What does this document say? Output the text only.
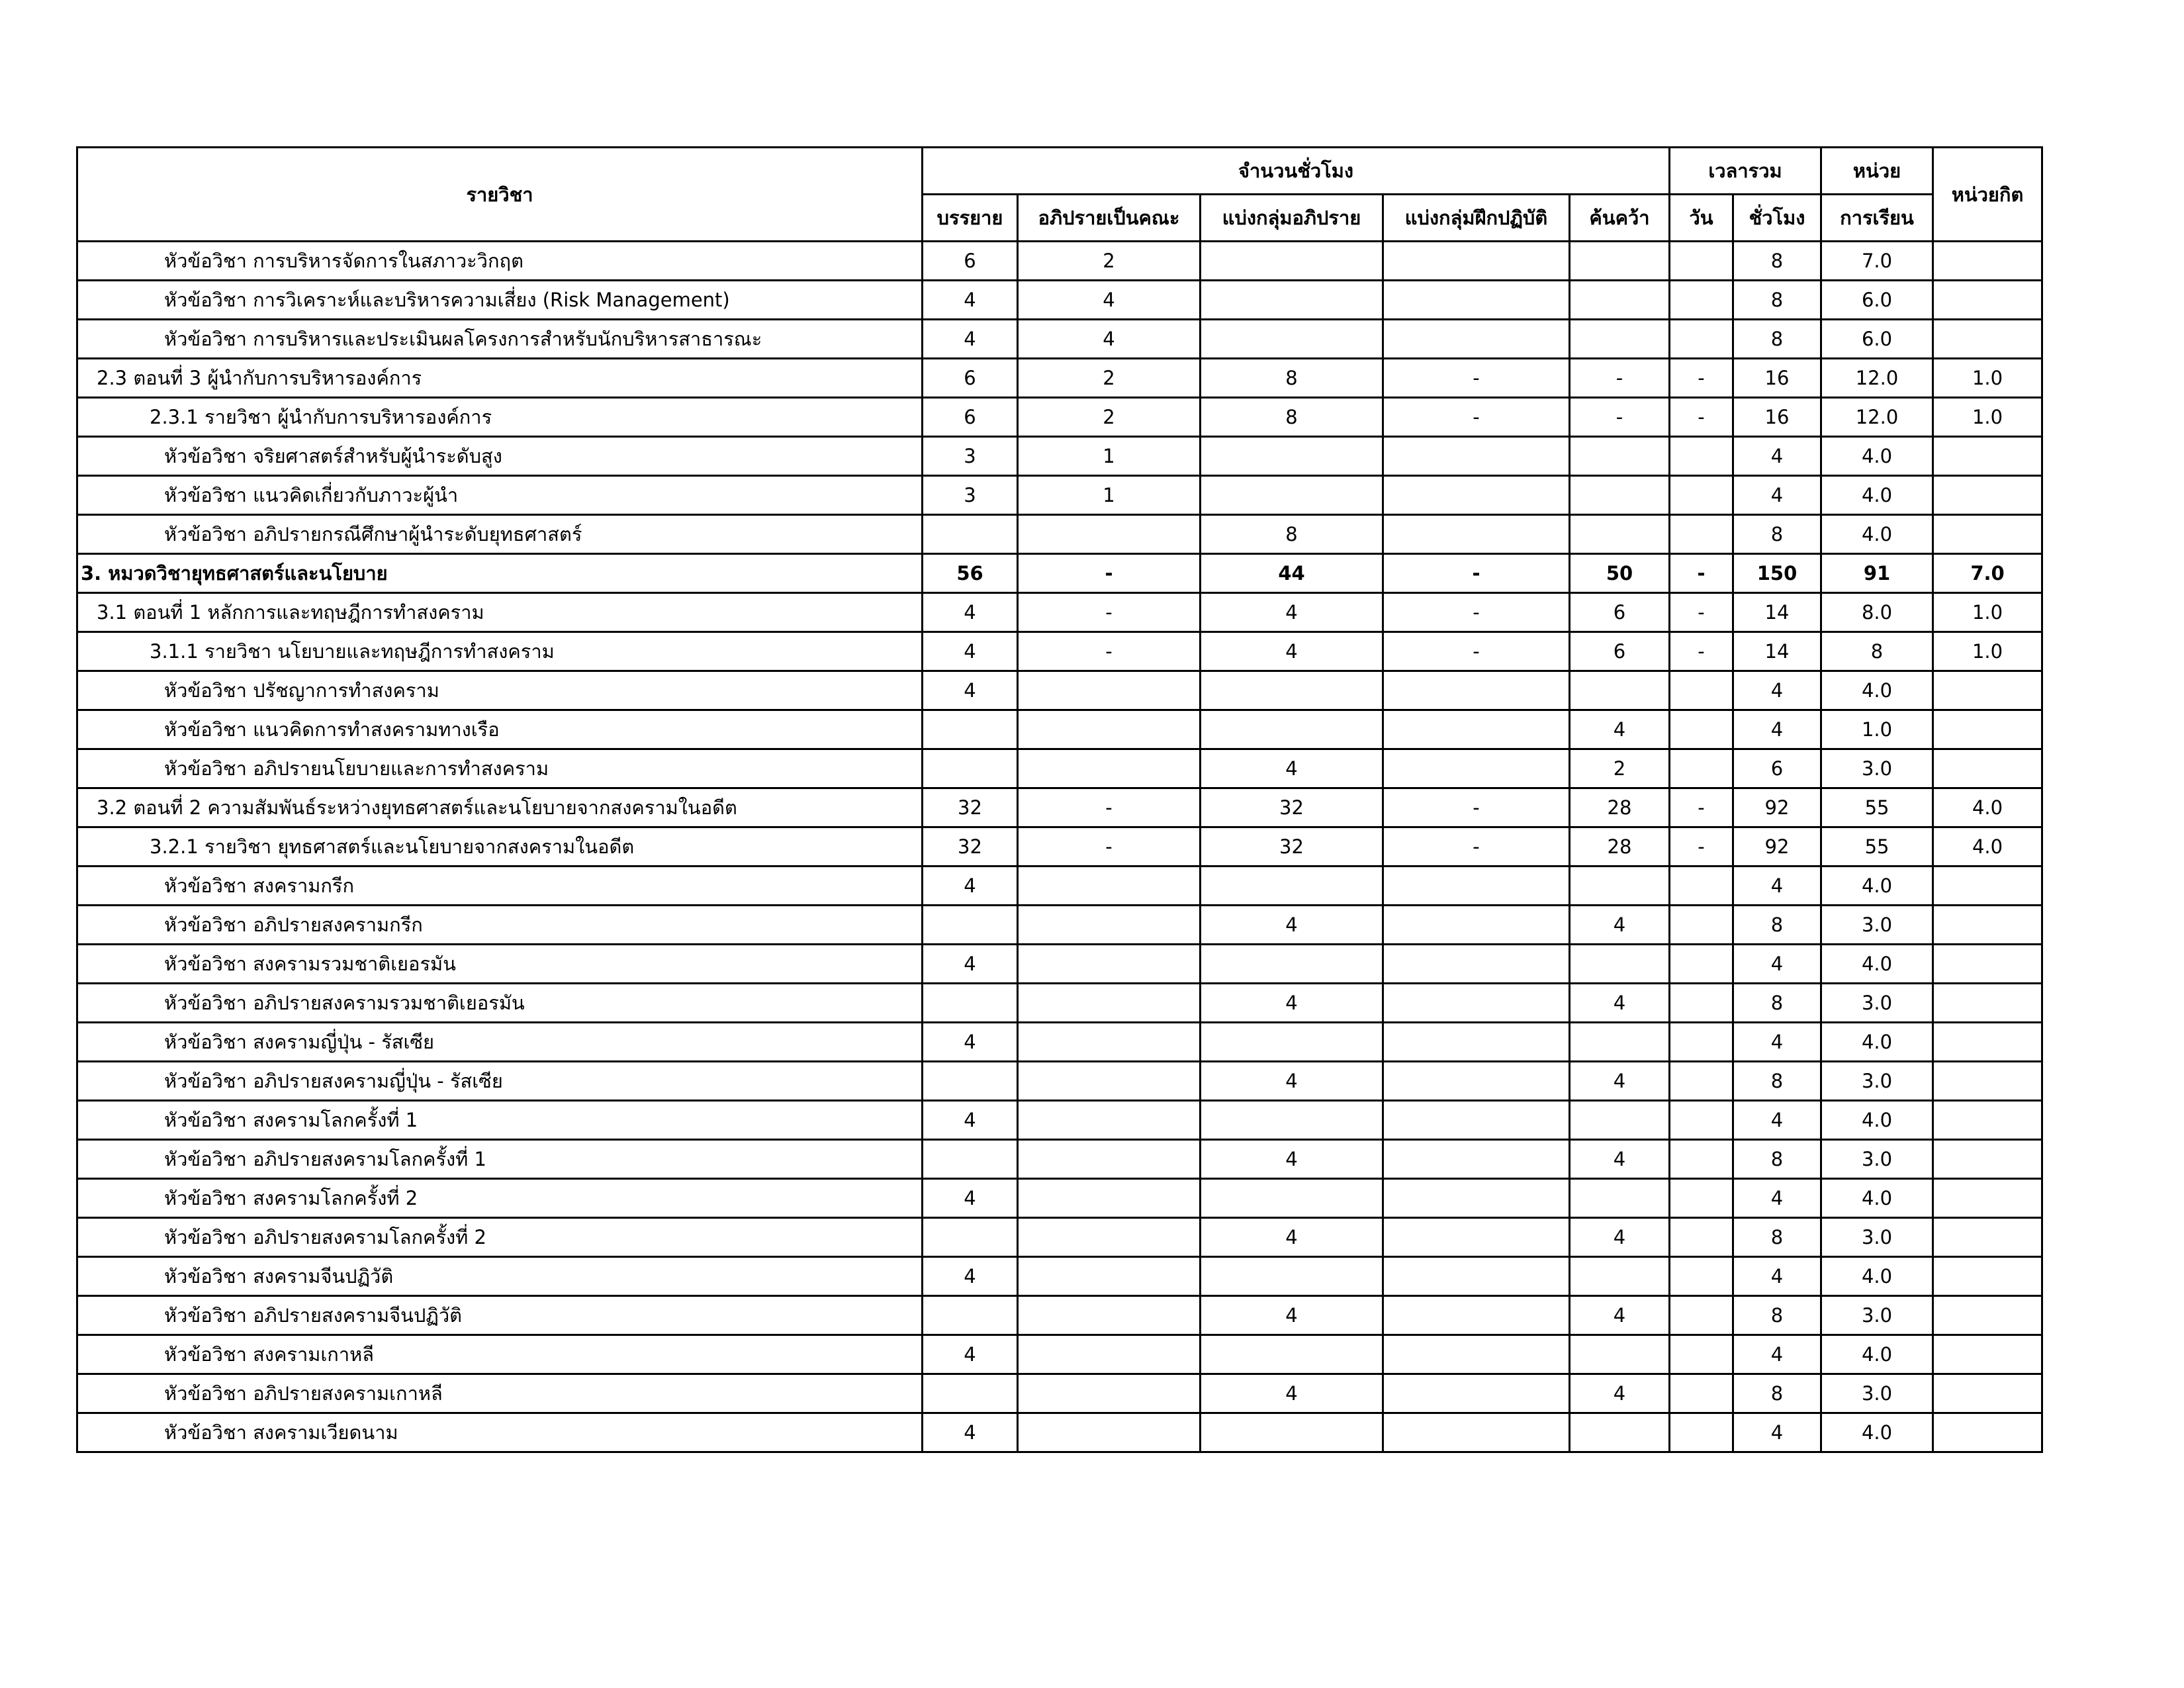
รายวิชา	จำนวนชั่วโมง					เวลารวม		หน่วย	หน่วยกิต
	บรรยาย	อภิปรายเป็นคณะ	แบ่งกลุ่มอภิปราย	แบ่งกลุ่มฝึกปฏิบัติ	ค้นคว้า	วัน	ชั่วโมง	การเรียน	
หัวข้อวิชา การบริหารจัดการในสภาวะวิกฤต	6	2					8	7.0	
หัวข้อวิชา การวิเคราะห์และบริหารความเสี่ยง (Risk Management)	4	4					8	6.0	
หัวข้อวิชา การบริหารและประเมินผลโครงการสำหรับนักบริหารสาธารณะ	4	4					8	6.0	
2.3 ตอนที่ 3 ผู้นำกับการบริหารองค์การ	6	2	8	-	-	-	16	12.0	1.0
2.3.1 รายวิชา ผู้นำกับการบริหารองค์การ	6	2	8	-	-	-	16	12.0	1.0
หัวข้อวิชา จริยศาสตร์สำหรับผู้นำระดับสูง	3	1					4	4.0	
หัวข้อวิชา แนวคิดเกี่ยวกับภาวะผู้นำ	3	1					4	4.0	
หัวข้อวิชา อภิปรายกรณีศึกษาผู้นำระดับยุทธศาสตร์			8				8	4.0	
3. หมวดวิชายุทธศาสตร์และนโยบาย	56	-	44	-	50	-	150	91	7.0
3.1 ตอนที่ 1 หลักการและทฤษฎีการทำสงคราม	4	-	4	-	6	-	14	8.0	1.0
3.1.1 รายวิชา นโยบายและทฤษฎีการทำสงคราม	4	-	4	-	6	-	14	8	1.0
หัวข้อวิชา ปรัชญาการทำสงคราม	4						4	4.0	
หัวข้อวิชา แนวคิดการทำสงครามทางเรือ					4		4	1.0	
หัวข้อวิชา อภิปรายนโยบายและการทำสงคราม			4		2		6	3.0	
3.2 ตอนที่ 2 ความสัมพันธ์ระหว่างยุทธศาสตร์และนโยบายจากสงครามในอดีต	32	-	32	-	28	-	92	55	4.0
3.2.1 รายวิชา ยุทธศาสตร์และนโยบายจากสงครามในอดีต	32	-	32	-	28	-	92	55	4.0
หัวข้อวิชา สงครามกรีก	4						4	4.0	
หัวข้อวิชา อภิปรายสงครามกรีก			4		4		8	3.0	
หัวข้อวิชา สงครามรวมชาติเยอรมัน	4						4	4.0	
หัวข้อวิชา อภิปรายสงครามรวมชาติเยอรมัน			4		4		8	3.0	
หัวข้อวิชา สงครามญี่ปุ่น - รัสเซีย	4						4	4.0	
หัวข้อวิชา อภิปรายสงครามญี่ปุ่น - รัสเซีย			4		4		8	3.0	
หัวข้อวิชา สงครามโลกครั้งที่ 1	4						4	4.0	
หัวข้อวิชา อภิปรายสงครามโลกครั้งที่ 1			4		4		8	3.0	
หัวข้อวิชา สงครามโลกครั้งที่ 2	4						4	4.0	
หัวข้อวิชา อภิปรายสงครามโลกครั้งที่ 2			4		4		8	3.0	
หัวข้อวิชา สงครามจีนปฏิวัติ	4						4	4.0	
หัวข้อวิชา อภิปรายสงครามจีนปฏิวัติ			4		4		8	3.0	
หัวข้อวิชา สงครามเกาหลี	4						4	4.0	
หัวข้อวิชา อภิปรายสงครามเกาหลี			4		4		8	3.0	
หัวข้อวิชา สงครามเวียดนาม	4						4	4.0	
